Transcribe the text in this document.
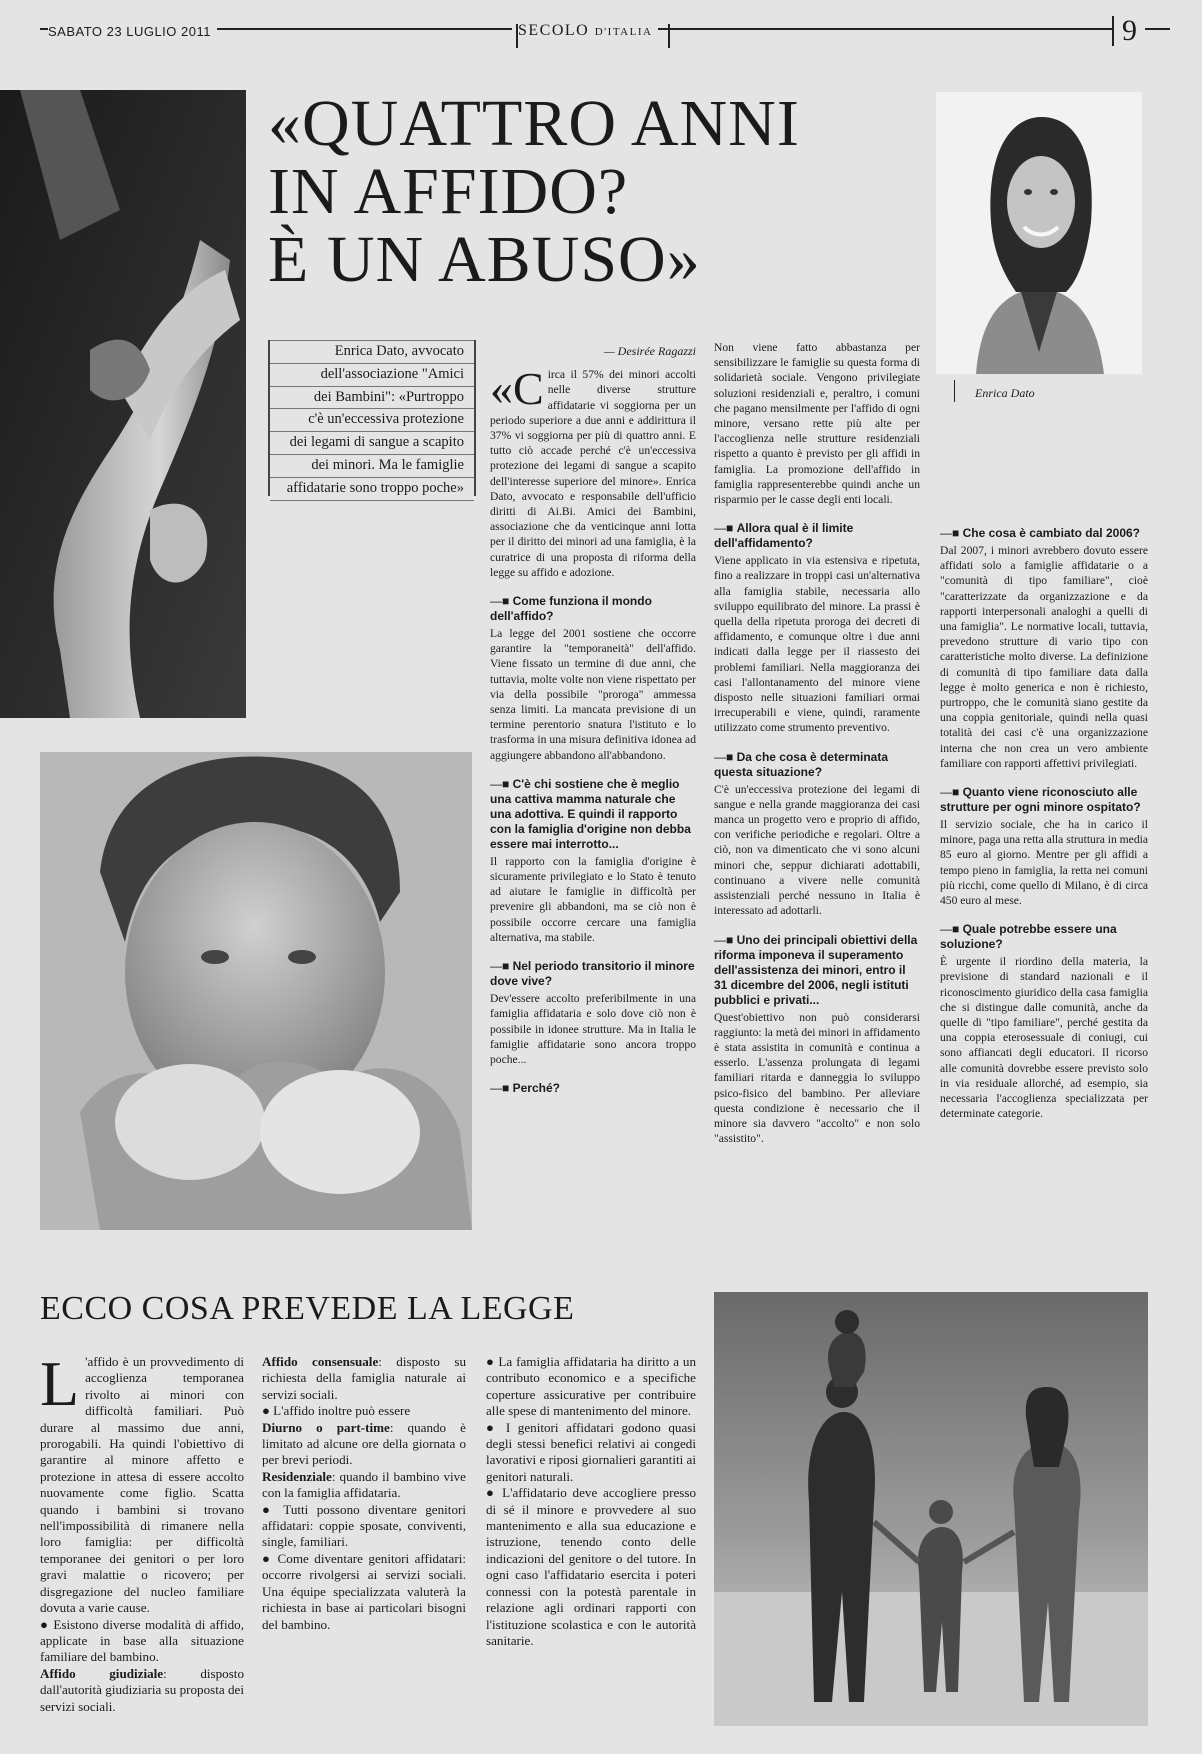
SABATO 23 LUGLIO 2011	SECOLO D'ITALIA	9
«QUATTRO ANNI
IN AFFIDO?
È UN ABUSO»
Enrica Dato
Enrica Dato, avvocato
dell'associazione "Amici
dei Bambini": «Purtroppo
c'è un'eccessiva protezione
dei legami di sangue a scapito
dei minori. Ma le famiglie
affidatarie sono troppo poche»
— Desirée Ragazzi

«Circa il 57% dei minori accolti nelle diverse strutture affidatarie vi soggiorna per un periodo superiore a due anni e addirittura il 37% vi soggiorna per più di quattro anni. E tutto ciò accade perché c'è un'eccessiva protezione dei legami di sangue a scapito dell'interesse superiore del minore». Enrica Dato, avvocato e responsabile dell'ufficio diritti di Ai.Bi. Amici dei Bambini, associazione che da venticinque anni lotta per il diritto dei minori ad una famiglia, è la curatrice di una proposta di riforma della legge su affido e adozione.

—■ Come funziona il mondo dell'affido?

La legge del 2001 sostiene che occorre garantire la "temporaneità" dell'affido. Viene fissato un termine di due anni, che tuttavia, molte volte non viene rispettato per via della possibile "proroga" ammessa senza limiti. La mancata previsione di un termine perentorio snatura l'istituto e lo trasforma in una misura definitiva idonea ad aggiungere abbandono all'abbandono.

—■ C'è chi sostiene che è meglio una cattiva mamma naturale che una adottiva. E quindi il rapporto con la famiglia d'origine non debba essere mai interrotto...

Il rapporto con la famiglia d'origine è sicuramente privilegiato e lo Stato è tenuto ad aiutare le famiglie in difficoltà per prevenire gli abbandoni, ma se ciò non è possibile occorre cercare una famiglia alternativa, ma stabile.

—■ Nel periodo transitorio il minore dove vive?

Dev'essere accolto preferibilmente in una famiglia affidataria e solo dove ciò non è possibile in idonee strutture. Ma in Italia le famiglie affidatarie sono ancora troppo poche...

—■ Perché?

Non viene fatto abbastanza per sensibilizzare le famiglie su questa forma di solidarietà sociale. Vengono privilegiate soluzioni residenziali e, peraltro, i comuni che pagano mensilmente per l'affido di ogni minore, versano rette più alte per l'accoglienza nelle strutture residenziali rispetto a quanto è previsto per gli affidi in famiglia. La promozione dell'affido in famiglia rappresenterebbe quindi anche un risparmio per le casse degli enti locali.

—■ Allora qual è il limite dell'affidamento?

Viene applicato in via estensiva e ripetuta, fino a realizzare in troppi casi un'alternativa alla famiglia stabile, necessaria allo sviluppo equilibrato del minore. La prassi è quella della ripetuta proroga dei decreti di affidamento, e comunque oltre i due anni indicati dalla legge per il riassesto dei problemi familiari. Nella maggioranza dei casi l'allontanamento del minore viene disposto nelle situazioni familiari ormai irrecuperabili e viene, quindi, raramente utilizzato come strumento preventivo.

—■ Da che cosa è determinata questa situazione?

C'è un'eccessiva protezione dei legami di sangue e nella grande maggioranza dei casi manca un progetto vero e proprio di affido, con verifiche periodiche e regolari. Oltre a ciò, non va dimenticato che vi sono alcuni minori che, seppur dichiarati adottabili, continuano a vivere nelle comunità assistenziali perché nessuno in Italia è interessato ad adottarli.

—■ Uno dei principali obiettivi della riforma imponeva il superamento dell'assistenza dei minori, entro il 31 dicembre del 2006, negli istituti pubblici e privati...

Quest'obiettivo non può considerarsi raggiunto: la metà dei minori in affidamento è stata assistita in comunità e continua a esserlo. L'assenza prolungata di legami familiari ritarda e danneggia lo sviluppo psico-fisico del bambino. Per alleviare questa condizione è necessario che il minore sia davvero "accolto" e non solo "assistito".

—■ Che cosa è cambiato dal 2006?

Dal 2007, i minori avrebbero dovuto essere affidati solo a famiglie affidatarie o a "comunità di tipo familiare", cioè "caratterizzate da organizzazione e da rapporti interpersonali analoghi a quelli di una famiglia". Le normative locali, tuttavia, prevedono strutture di vario tipo con caratteristiche molto diverse. La definizione di comunità di tipo familiare data dalla legge è molto generica e non è richiesto, purtroppo, che le comunità siano gestite da una coppia genitoriale, quindi nella quasi totalità dei casi c'è una organizzazione interna che non crea un vero ambiente familiare con rapporti affettivi privilegiati.

—■ Quanto viene riconosciuto alle strutture per ogni minore ospitato?

Il servizio sociale, che ha in carico il minore, paga una retta alla struttura in media 85 euro al giorno. Mentre per gli affidi a tempo pieno in famiglia, la retta nei comuni più ricchi, come quello di Milano, è di circa 450 euro al mese.

—■ Quale potrebbe essere una soluzione?

È urgente il riordino della materia, la previsione di standard nazionali e il riconoscimento giuridico della casa famiglia che si distingue dalle comunità, anche da quelle di "tipo familiare", perché gestita da una coppia eterosessuale di coniugi, cui sono affiancati degli educatori. Il ricorso alle comunità dovrebbe essere previsto solo in via residuale allorché, ad esempio, sia necessaria l'accoglienza specializzata per determinate categorie.

ECCO COSA PREVEDE LA LEGGE

L 'affido è un provvedimento di accoglienza temporanea rivolto ai minori con difficoltà familiari. Può durare al massimo due anni, prorogabili. Ha quindi l'obiettivo di garantire al minore affetto e protezione in attesa di essere accolto nuovamente come figlio. Scatta quando i bambini si trovano nell'impossibilità di rimanere nella loro famiglia: per difficoltà temporanee dei genitori o per loro gravi malattie o ricovero; per disgregazione del nucleo familiare dovuta a varie cause.

● Esistono diverse modalità di affido, applicate in base alla situazione familiare del bambino.

Affido giudiziale: disposto dall'autorità giudiziaria su proposta dei servizi sociali.

Affido consensuale: disposto su richiesta della famiglia naturale ai servizi sociali.

● L'affido inoltre può essere

Diurno o part-time: quando è limitato ad alcune ore della giornata o per brevi periodi.

Residenziale: quando il bambino vive con la famiglia affidataria.

● Tutti possono diventare genitori affidatari: coppie sposate, conviventi, single, familiari.

● Come diventare genitori affidatari: occorre rivolgersi ai servizi sociali. Una équipe specializzata valuterà la richiesta in base ai particolari bisogni del bambino.

● La famiglia affidataria ha diritto a un contributo economico e a specifiche coperture assicurative per contribuire alle spese di mantenimento del minore.

● I genitori affidatari godono quasi degli stessi benefici relativi ai congedi lavorativi e riposi giornalieri garantiti ai genitori naturali.

● L'affidatario deve accogliere presso di sé il minore e provvedere al suo mantenimento e alla sua educazione e istruzione, tenendo conto delle indicazioni del genitore o del tutore. In ogni caso l'affidatario esercita i poteri connessi con la potestà parentale in relazione agli ordinari rapporti con l'istituzione scolastica e con le autorità sanitarie.
